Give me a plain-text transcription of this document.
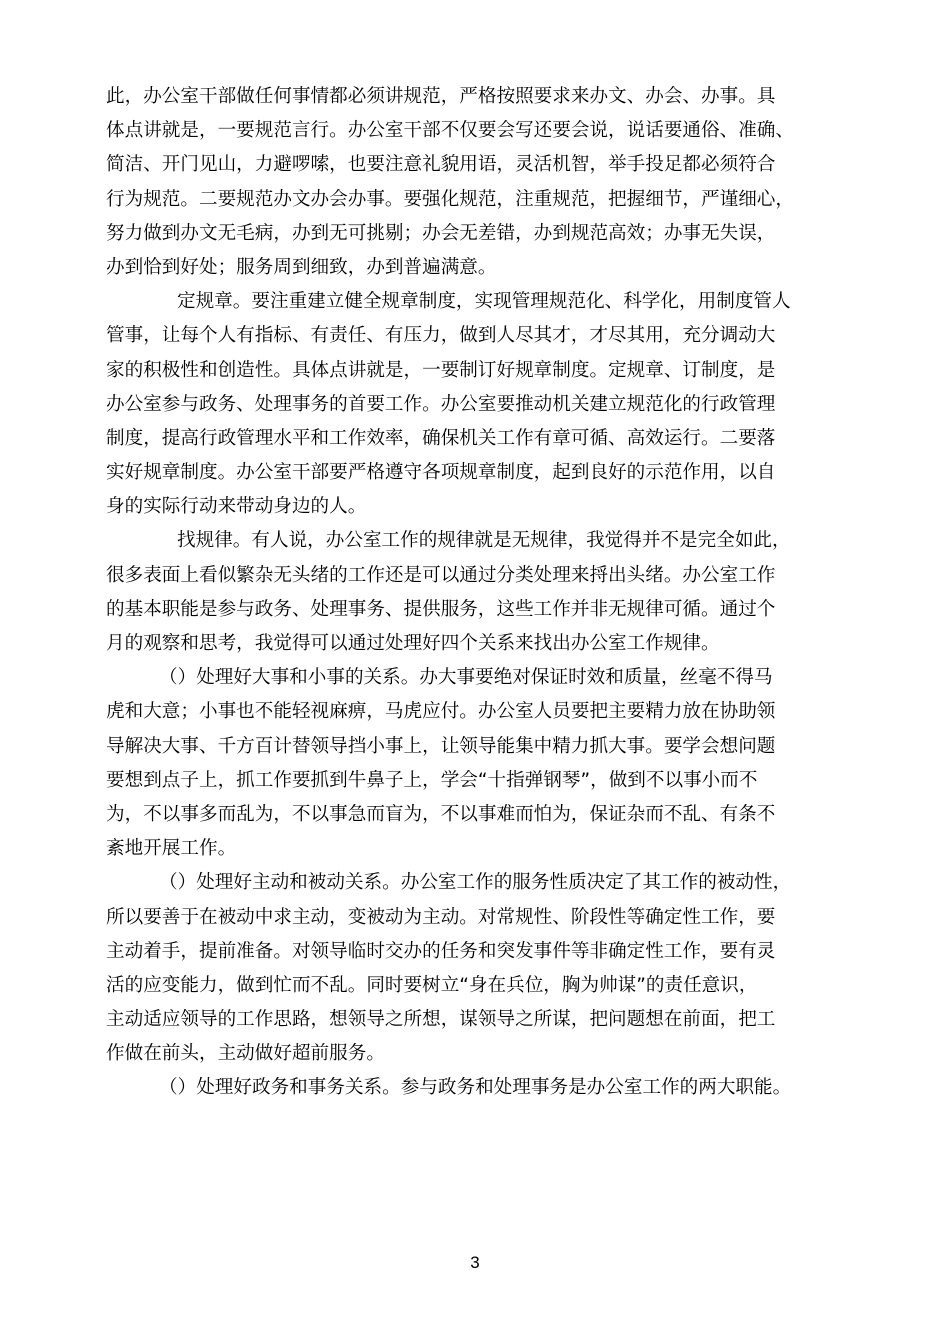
此，办公室干部做任何事情都必须讲规范，严格按照要求来办文、办会、办事。具
体点讲就是，一要规范言行。办公室干部不仅要会写还要会说，说话要通俗、准确、
简洁、开门见山，力避啰嗦，也要注意礼貌用语，灵活机智，举手投足都必须符合
行为规范。二要规范办文办会办事。要强化规范，注重规范，把握细节，严谨细心，
努力做到办文无毛病，办到无可挑剔；办会无差错，办到规范高效；办事无失误，
办到恰到好处；服务周到细致，办到普遍满意。
定规章。要注重建立健全规章制度，实现管理规范化、科学化，用制度管人
管事，让每个人有指标、有责任、有压力，做到人尽其才，才尽其用，充分调动大
家的积极性和创造性。具体点讲就是，一要制订好规章制度。定规章、订制度，是
办公室参与政务、处理事务的首要工作。办公室要推动机关建立规范化的行政管理
制度，提高行政管理水平和工作效率，确保机关工作有章可循、高效运行。二要落
实好规章制度。办公室干部要严格遵守各项规章制度，起到良好的示范作用，以自
身的实际行动来带动身边的人。
找规律。有人说，办公室工作的规律就是无规律，我觉得并不是完全如此，
很多表面上看似繁杂无头绪的工作还是可以通过分类处理来捋出头绪。办公室工作
的基本职能是参与政务、处理事务、提供服务，这些工作并非无规律可循。通过个
月的观察和思考，我觉得可以通过处理好四个关系来找出办公室工作规律。
（）处理好大事和小事的关系。办大事要绝对保证时效和质量，丝毫不得马
虎和大意；小事也不能轻视麻痹，马虎应付。办公室人员要把主要精力放在协助领
导解决大事、千方百计替领导挡小事上，让领导能集中精力抓大事。要学会想问题
要想到点子上，抓工作要抓到牛鼻子上，学会“十指弹钢琴”，做到不以事小而不
为，不以事多而乱为，不以事急而盲为，不以事难而怕为，保证杂而不乱、有条不
紊地开展工作。
（）处理好主动和被动关系。办公室工作的服务性质决定了其工作的被动性，
所以要善于在被动中求主动，变被动为主动。对常规性、阶段性等确定性工作，要
主动着手，提前准备。对领导临时交办的任务和突发事件等非确定性工作，要有灵
活的应变能力，做到忙而不乱。同时要树立“身在兵位，胸为帅谋”的责任意识，
主动适应领导的工作思路，想领导之所想，谋领导之所谋，把问题想在前面，把工
作做在前头，主动做好超前服务。
（）处理好政务和事务关系。参与政务和处理事务是办公室工作的两大职能。
3
